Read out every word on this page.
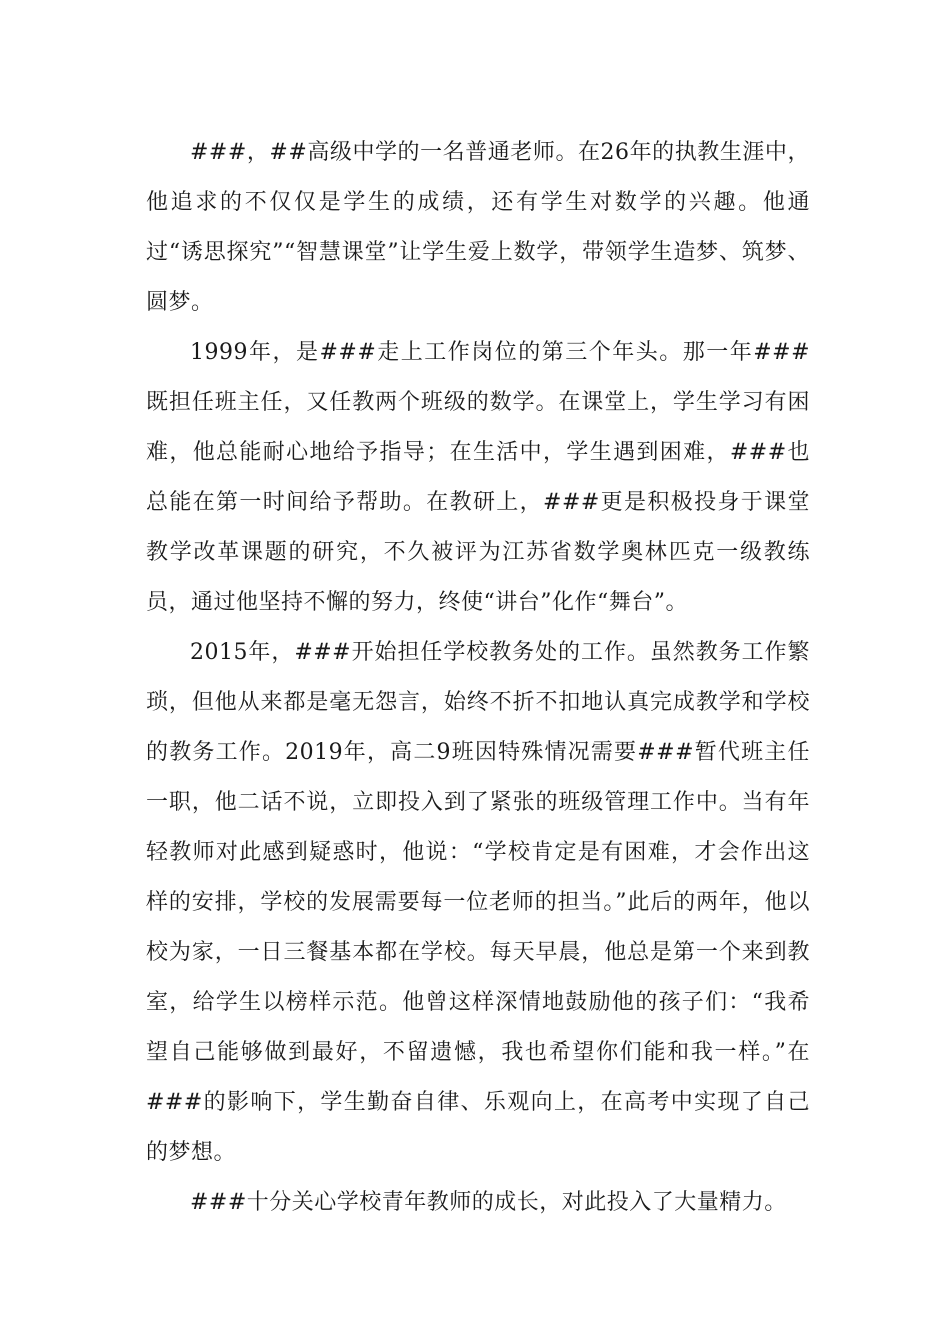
###，##高级中学的一名普通老师。在26年的执教生涯中，他追求的不仅仅是学生的成绩，还有学生对数学的兴趣。他通过“诱思探究”“智慧课堂”让学生爱上数学，带领学生造梦、筑梦、圆梦。

1999年，是###走上工作岗位的第三个年头。那一年###既担任班主任，又任教两个班级的数学。在课堂上，学生学习有困难，他总能耐心地给予指导；在生活中，学生遇到困难，###也总能在第一时间给予帮助。在教研上，###更是积极投身于课堂教学改革课题的研究，不久被评为江苏省数学奥林匹克一级教练员，通过他坚持不懈的努力，终使“讲台”化作“舞台”。

2015年，###开始担任学校教务处的工作。虽然教务工作繁琐，但他从来都是毫无怨言，始终不折不扣地认真完成教学和学校的教务工作。2019年，高二9班因特殊情况需要###暂代班主任一职，他二话不说，立即投入到了紧张的班级管理工作中。当有年轻教师对此感到疑惑时，他说：“学校肯定是有困难，才会作出这样的安排，学校的发展需要每一位老师的担当。”此后的两年，他以校为家，一日三餐基本都在学校。每天早晨，他总是第一个来到教室，给学生以榜样示范。他曾这样深情地鼓励他的孩子们：“我希望自己能够做到最好，不留遗憾，我也希望你们能和我一样。”在###的影响下，学生勤奋自律、乐观向上，在高考中实现了自己的梦想。

###十分关心学校青年教师的成长，对此投入了大量精力。
